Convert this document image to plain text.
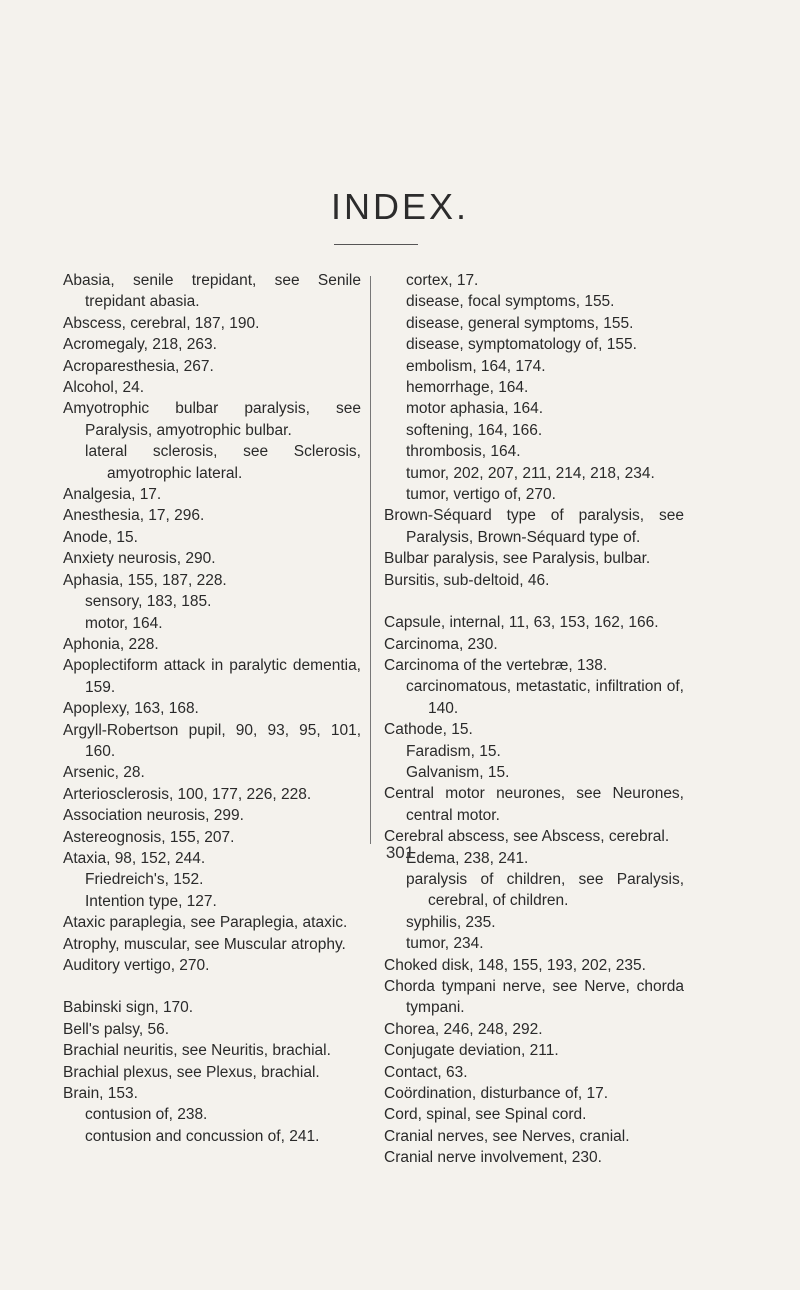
INDEX.
Abasia, senile trepidant, see Senile trepidant abasia.
Abscess, cerebral, 187, 190.
Acromegaly, 218, 263.
Acroparesthesia, 267.
Alcohol, 24.
Amyotrophic bulbar paralysis, see Paralysis, amyotrophic bulbar.
lateral sclerosis, see Sclerosis, amyotrophic lateral.
Analgesia, 17.
Anesthesia, 17, 296.
Anode, 15.
Anxiety neurosis, 290.
Aphasia, 155, 187, 228.
sensory, 183, 185.
motor, 164.
Aphonia, 228.
Apoplectiform attack in paralytic dementia, 159.
Apoplexy, 163, 168.
Argyll-Robertson pupil, 90, 93, 95, 101, 160.
Arsenic, 28.
Arteriosclerosis, 100, 177, 226, 228.
Association neurosis, 299.
Astereognosis, 155, 207.
Ataxia, 98, 152, 244.
Friedreich's, 152.
Intention type, 127.
Ataxic paraplegia, see Paraplegia, ataxic.
Atrophy, muscular, see Muscular atrophy.
Auditory vertigo, 270.
Babinski sign, 170.
Bell's palsy, 56.
Brachial neuritis, see Neuritis, brachial.
Brachial plexus, see Plexus, brachial.
Brain, 153.
contusion of, 238.
contusion and concussion of, 241.
cortex, 17.
disease, focal symptoms, 155.
disease, general symptoms, 155.
disease, symptomatology of, 155.
embolism, 164, 174.
hemorrhage, 164.
motor aphasia, 164.
softening, 164, 166.
thrombosis, 164.
tumor, 202, 207, 211, 214, 218, 234.
tumor, vertigo of, 270.
Brown-Séquard type of paralysis, see Paralysis, Brown-Séquard type of.
Bulbar paralysis, see Paralysis, bulbar.
Bursitis, sub-deltoid, 46.
Capsule, internal, 11, 63, 153, 162, 166.
Carcinoma, 230.
Carcinoma of the vertebræ, 138.
carcinomatous, metastatic, infiltration of, 140.
Cathode, 15.
Faradism, 15.
Galvanism, 15.
Central motor neurones, see Neurones, central motor.
Cerebral abscess, see Abscess, cerebral.
Edema, 238, 241.
paralysis of children, see Paralysis, cerebral, of children.
syphilis, 235.
tumor, 234.
Choked disk, 148, 155, 193, 202, 235.
Chorda tympani nerve, see Nerve, chorda tympani.
Chorea, 246, 248, 292.
Conjugate deviation, 211.
Contact, 63.
Coördination, disturbance of, 17.
Cord, spinal, see Spinal cord.
Cranial nerves, see Nerves, cranial.
Cranial nerve involvement, 230.
301
